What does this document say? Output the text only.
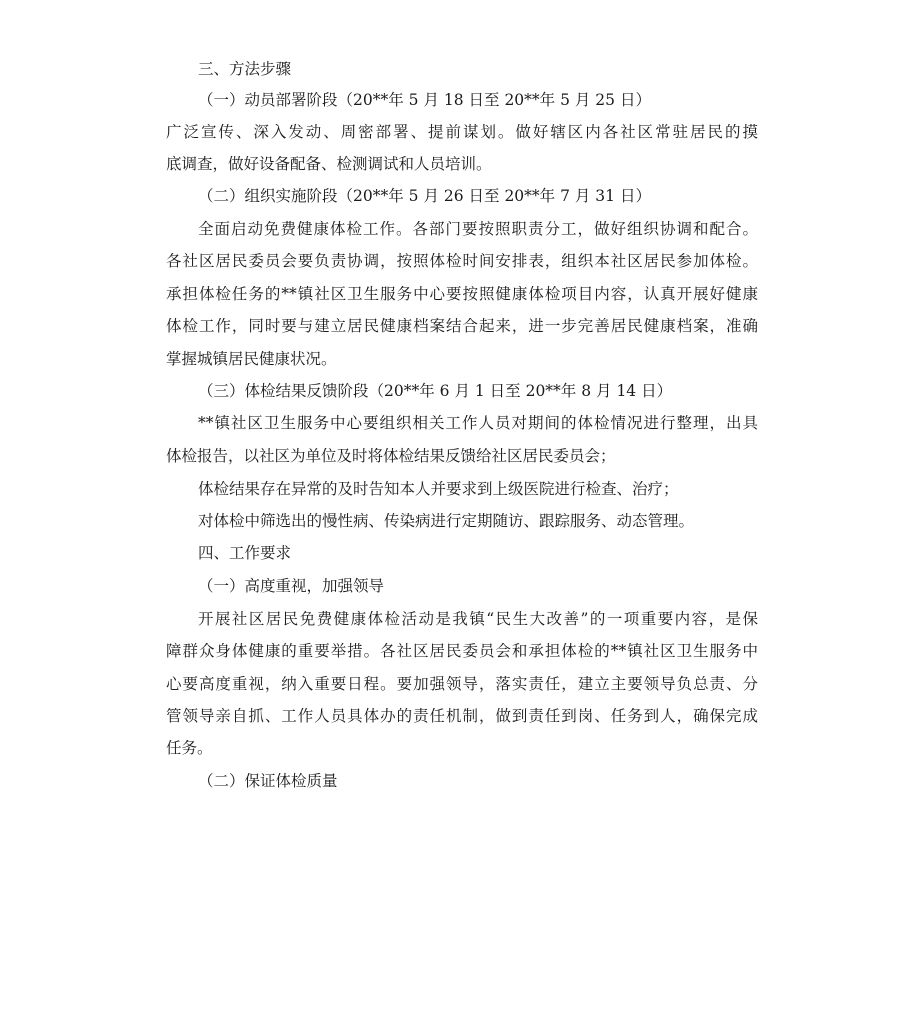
三、方法步骤
（一）动员部署阶段（20**年 5 月 18 日至 20**年 5 月 25 日）
广泛宣传、深入发动、周密部署、提前谋划。做好辖区内各社区常驻居民的摸
底调查，做好设备配备、检测调试和人员培训。
（二）组织实施阶段（20**年 5 月 26 日至 20**年 7 月 31 日）
全面启动免费健康体检工作。各部门要按照职责分工，做好组织协调和配合。
各社区居民委员会要负责协调，按照体检时间安排表，组织本社区居民参加体检。
承担体检任务的**镇社区卫生服务中心要按照健康体检项目内容，认真开展好健康
体检工作，同时要与建立居民健康档案结合起来，进一步完善居民健康档案，准确
掌握城镇居民健康状况。
（三）体检结果反馈阶段（20**年 6 月 1 日至 20**年 8 月 14 日）
**镇社区卫生服务中心要组织相关工作人员对期间的体检情况进行整理，出具
体检报告，以社区为单位及时将体检结果反馈给社区居民委员会；
体检结果存在异常的及时告知本人并要求到上级医院进行检查、治疗；
对体检中筛选出的慢性病、传染病进行定期随访、跟踪服务、动态管理。
四、工作要求
（一）高度重视，加强领导
开展社区居民免费健康体检活动是我镇“民生大改善”的一项重要内容，是保
障群众身体健康的重要举措。各社区居民委员会和承担体检的**镇社区卫生服务中
心要高度重视，纳入重要日程。要加强领导，落实责任，建立主要领导负总责、分
管领导亲自抓、工作人员具体办的责任机制，做到责任到岗、任务到人，确保完成
任务。
（二）保证体检质量
